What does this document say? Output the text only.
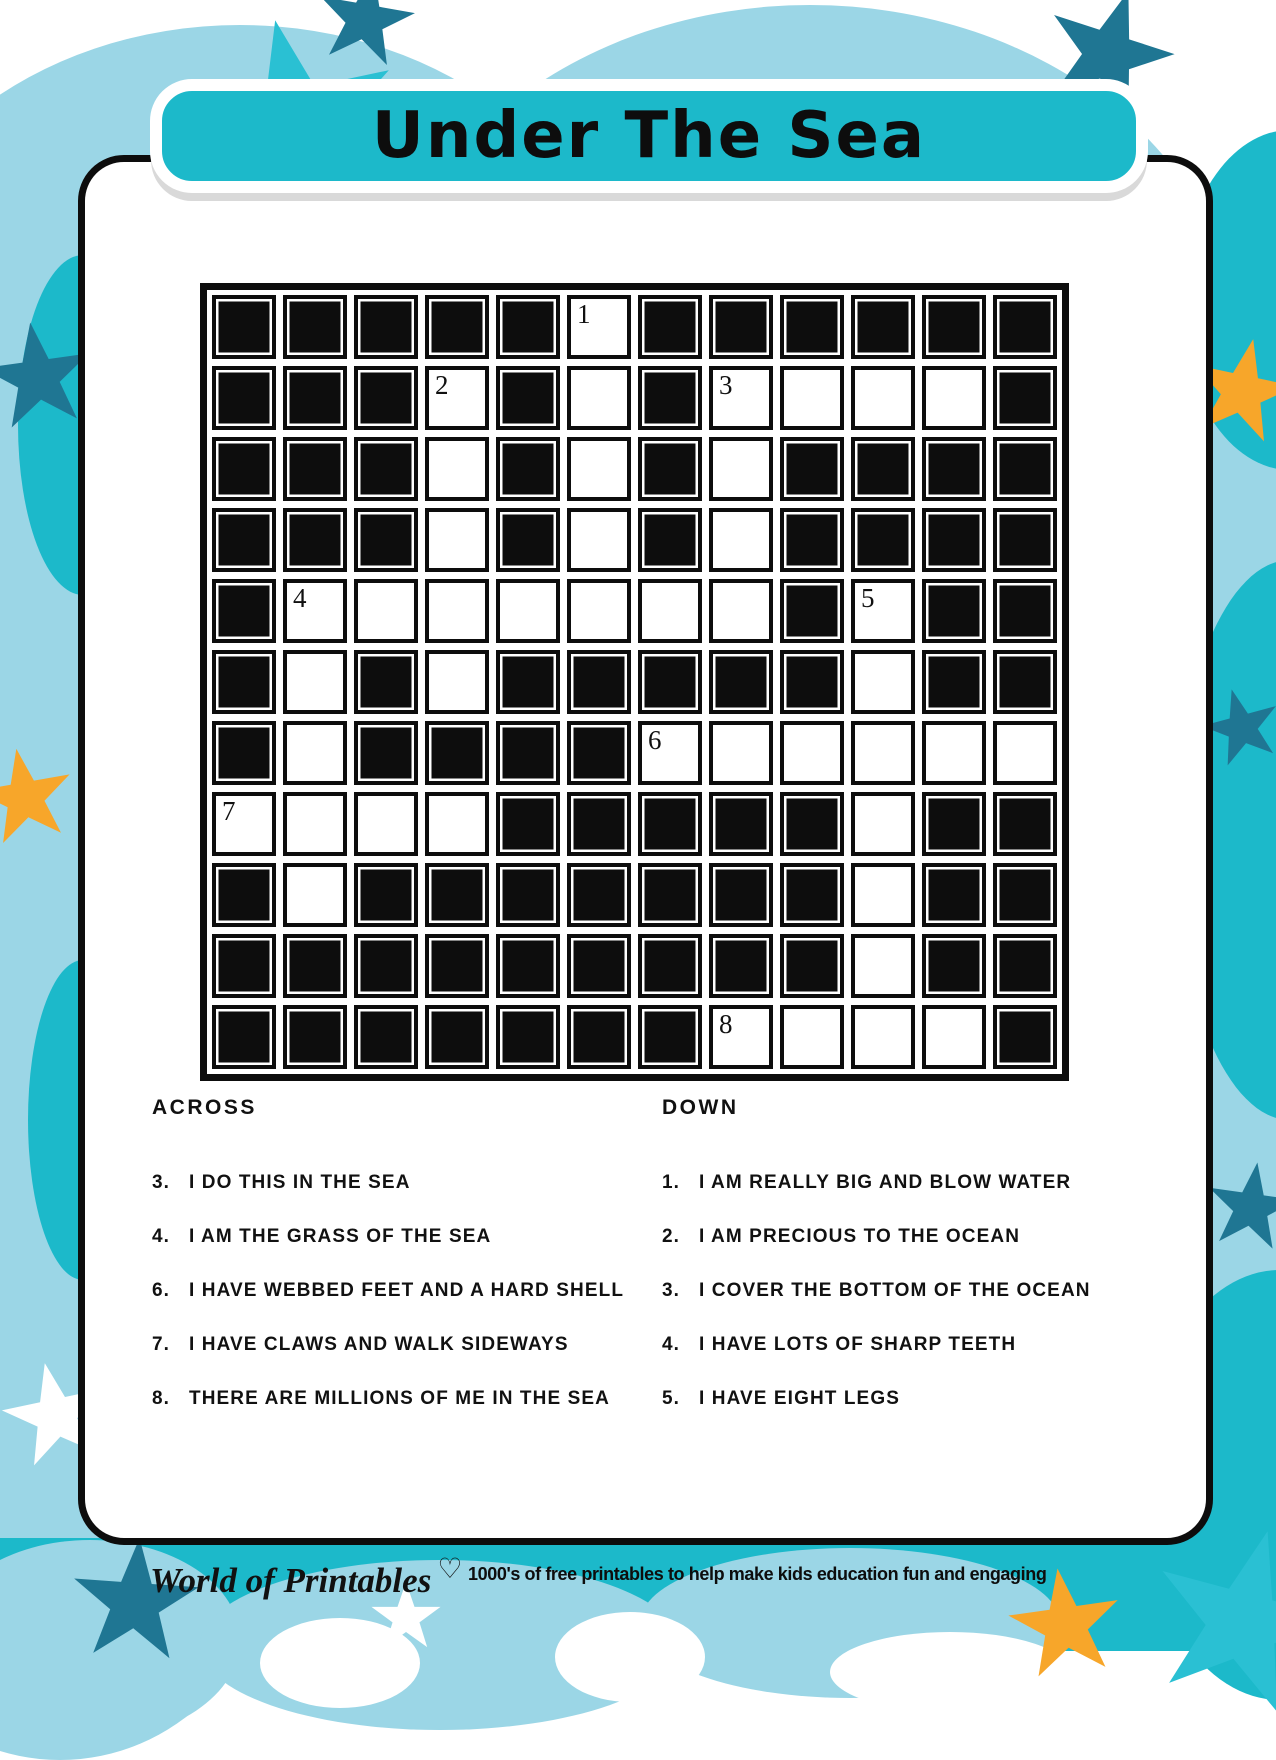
Under The Sea
1
2	3
4	5
6
7
8
ACROSS
3.	I DO THIS IN THE SEA
4.	I AM THE GRASS OF THE SEA
6.	I HAVE WEBBED FEET AND A HARD SHELL
7.	I HAVE CLAWS AND WALK SIDEWAYS
8.	THERE ARE MILLIONS OF ME IN THE SEA
DOWN
1.	I AM REALLY BIG AND BLOW WATER
2.	I AM PRECIOUS TO THE OCEAN
3.	I COVER THE BOTTOM OF THE OCEAN
4.	I HAVE LOTS OF SHARP TEETH
5.	I HAVE EIGHT LEGS
World of Printables ♡ 1000's of free printables to help make kids education fun and engaging
